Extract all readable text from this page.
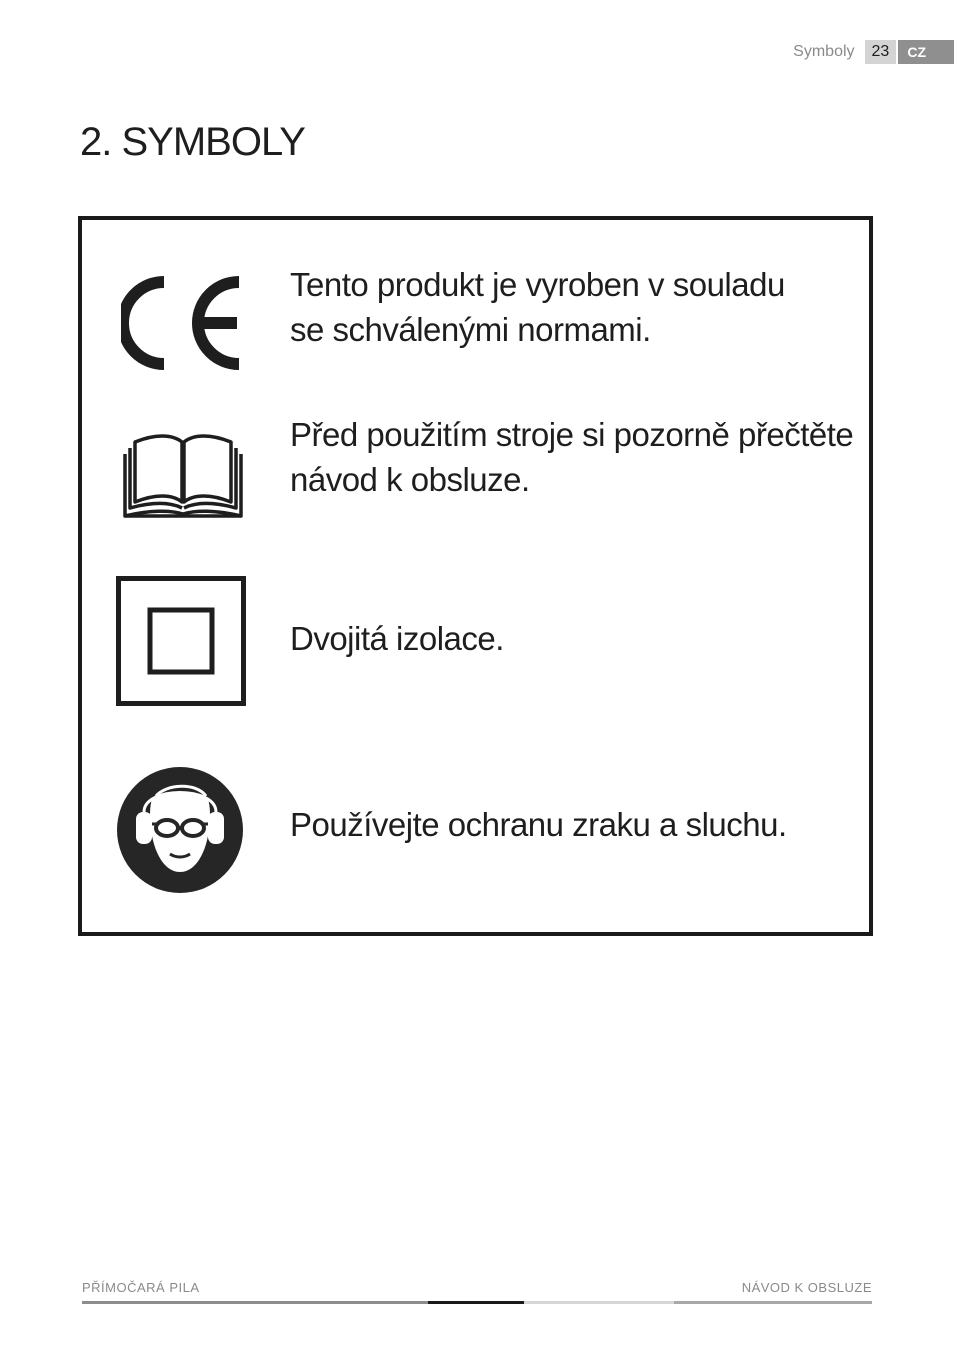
Symboly	23	CZ
2. SYMBOLY
Tento produkt je vyroben v souladu
se schválenými normami.
Před použitím stroje si pozorně přečtěte
návod k obsluze.
Dvojitá izolace.
Používejte ochranu zraku a sluchu.
PŘÍMOČARÁ PILA	NÁVOD K OBSLUZE
